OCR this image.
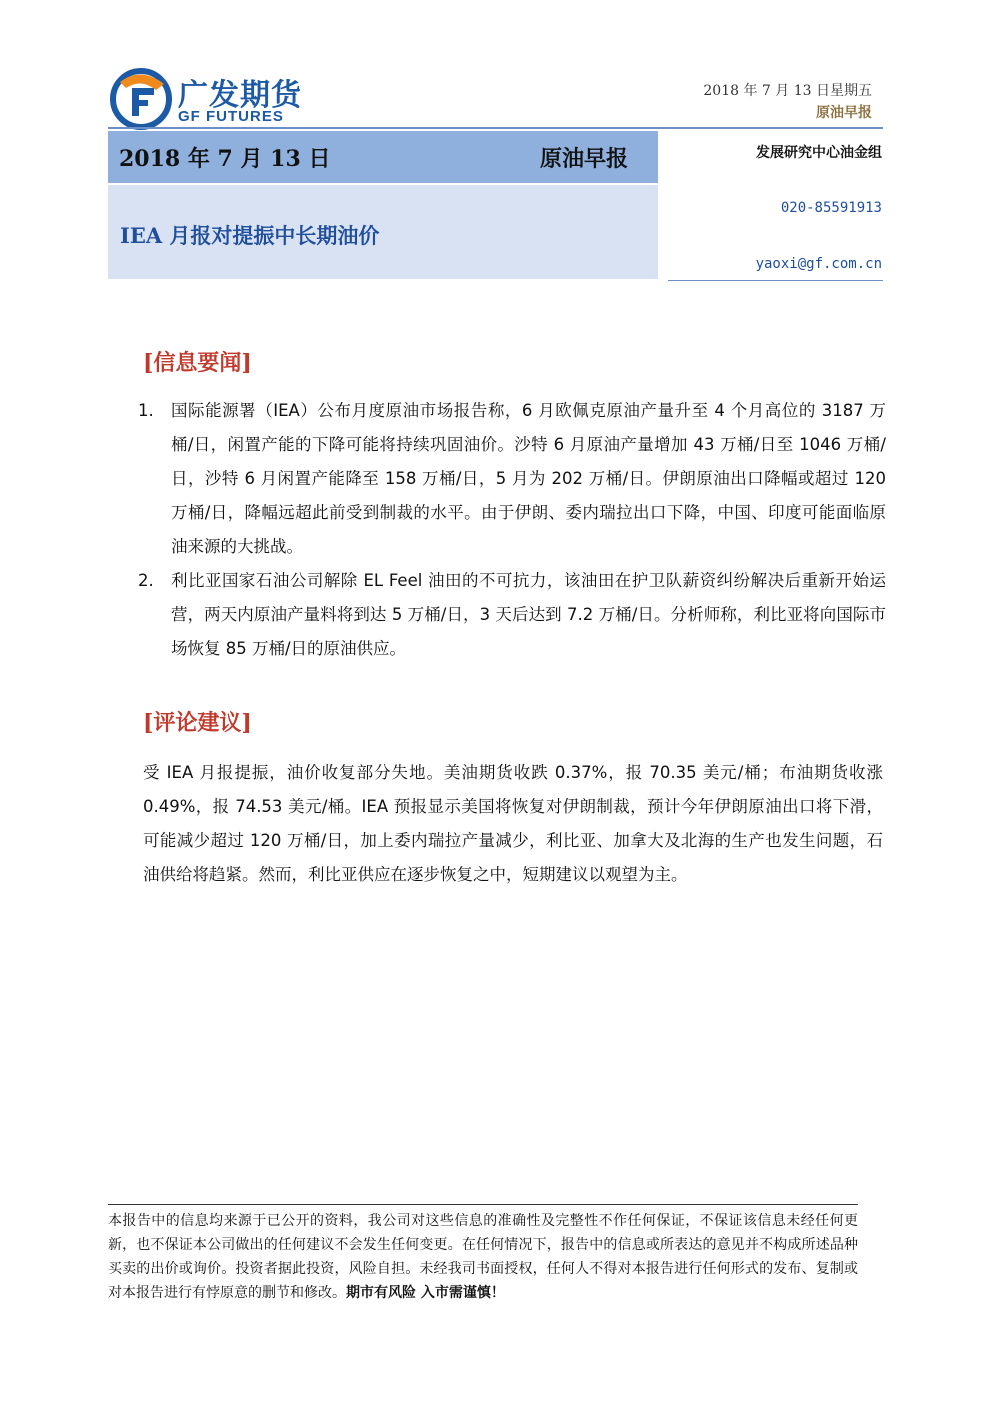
广发期货
GF FUTURES
2018 年 7 月 13 日星期五
原油早报
2018 年 7 月 13 日	原油早报
IEA 月报对提振中长期油价
发展研究中心油金组
020-85591913
yaoxi@gf.com.cn
[信息要闻]
1. 国际能源署（IEA）公布月度原油市场报告称，6 月欧佩克原油产量升至 4 个月高位的 3187 万桶/日，闲置产能的下降可能将持续巩固油价。沙特 6 月原油产量增加 43 万桶/日至 1046 万桶/日，沙特 6 月闲置产能降至 158 万桶/日，5 月为 202 万桶/日。伊朗原油出口降幅或超过 120 万桶/日，降幅远超此前受到制裁的水平。由于伊朗、委内瑞拉出口下降，中国、印度可能面临原油来源的大挑战。
2. 利比亚国家石油公司解除 EL Feel 油田的不可抗力，该油田在护卫队薪资纠纷解决后重新开始运营，两天内原油产量料将到达 5 万桶/日，3 天后达到 7.2 万桶/日。分析师称，利比亚将向国际市场恢复 85 万桶/日的原油供应。
[评论建议]

受 IEA 月报提振，油价收复部分失地。美油期货收跌 0.37%，报 70.35 美元/桶；布油期货收涨 0.49%，报 74.53 美元/桶。IEA 预报显示美国将恢复对伊朗制裁，预计今年伊朗原油出口将下滑，可能减少超过 120 万桶/日，加上委内瑞拉产量减少，利比亚、加拿大及北海的生产也发生问题，石油供给将趋紧。然而，利比亚供应在逐步恢复之中，短期建议以观望为主。

本报告中的信息均来源于已公开的资料，我公司对这些信息的准确性及完整性不作任何保证，不保证该信息未经任何更新，也不保证本公司做出的任何建议不会发生任何变更。在任何情况下，报告中的信息或所表达的意见并不构成所述品种买卖的出价或询价。投资者据此投资，风险自担。未经我司书面授权，任何人不得对本报告进行任何形式的发布、复制或对本报告进行有悖原意的删节和修改。期市有风险 入市需谨慎！
